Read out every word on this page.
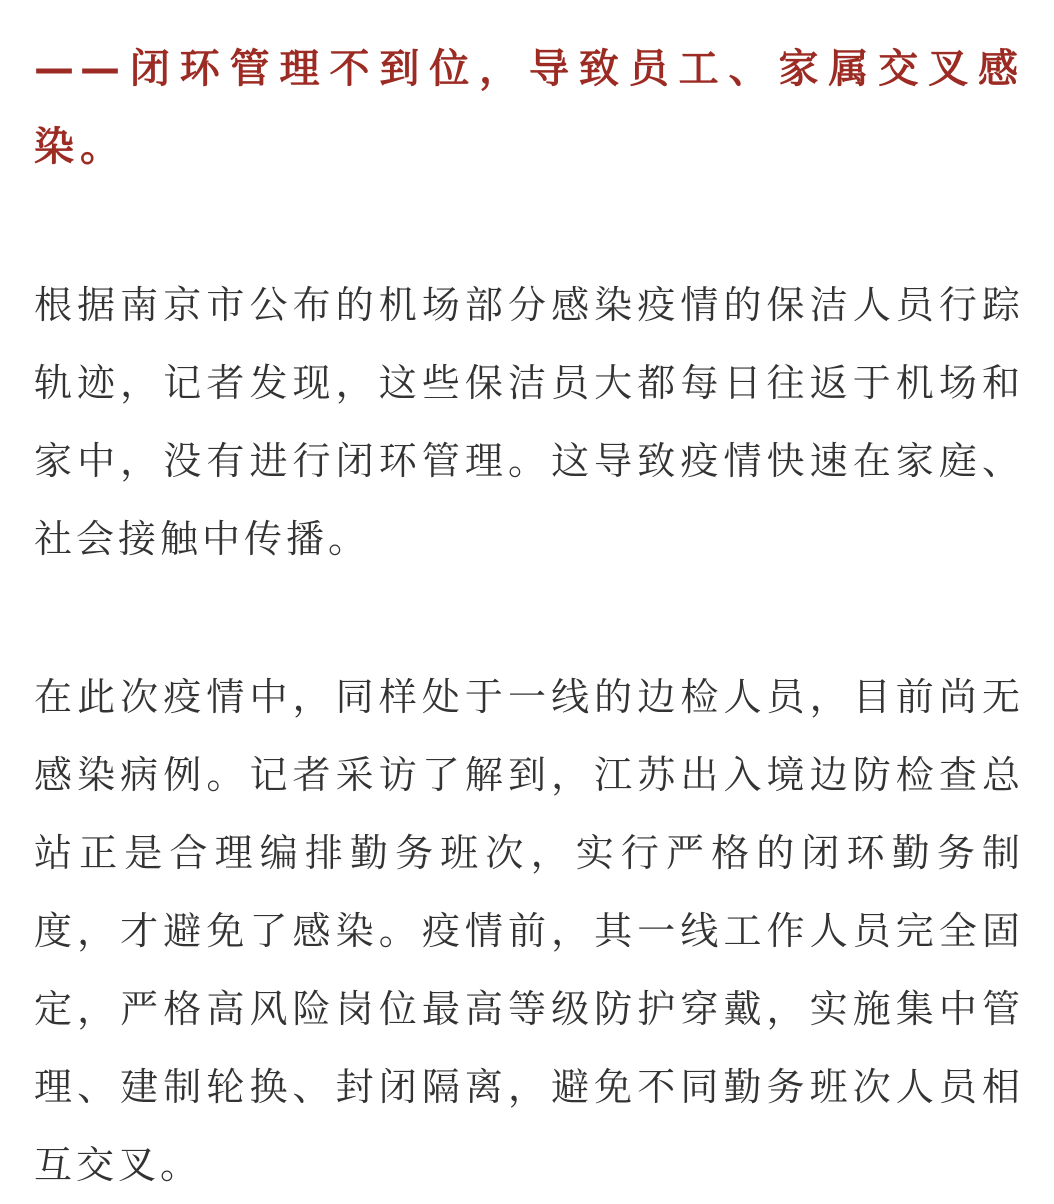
——闭环管理不到位，导致员工、家属交叉感染。

根据南京市公布的机场部分感染疫情的保洁人员行踪轨迹，记者发现，这些保洁员大都每日往返于机场和家中，没有进行闭环管理。这导致疫情快速在家庭、社会接触中传播。

在此次疫情中，同样处于一线的边检人员，目前尚无感染病例。记者采访了解到，江苏出入境边防检查总站正是合理编排勤务班次，实行严格的闭环勤务制度，才避免了感染。疫情前，其一线工作人员完全固定，严格高风险岗位最高等级防护穿戴，实施集中管理、建制轮换、封闭隔离，避免不同勤务班次人员相互交叉。
